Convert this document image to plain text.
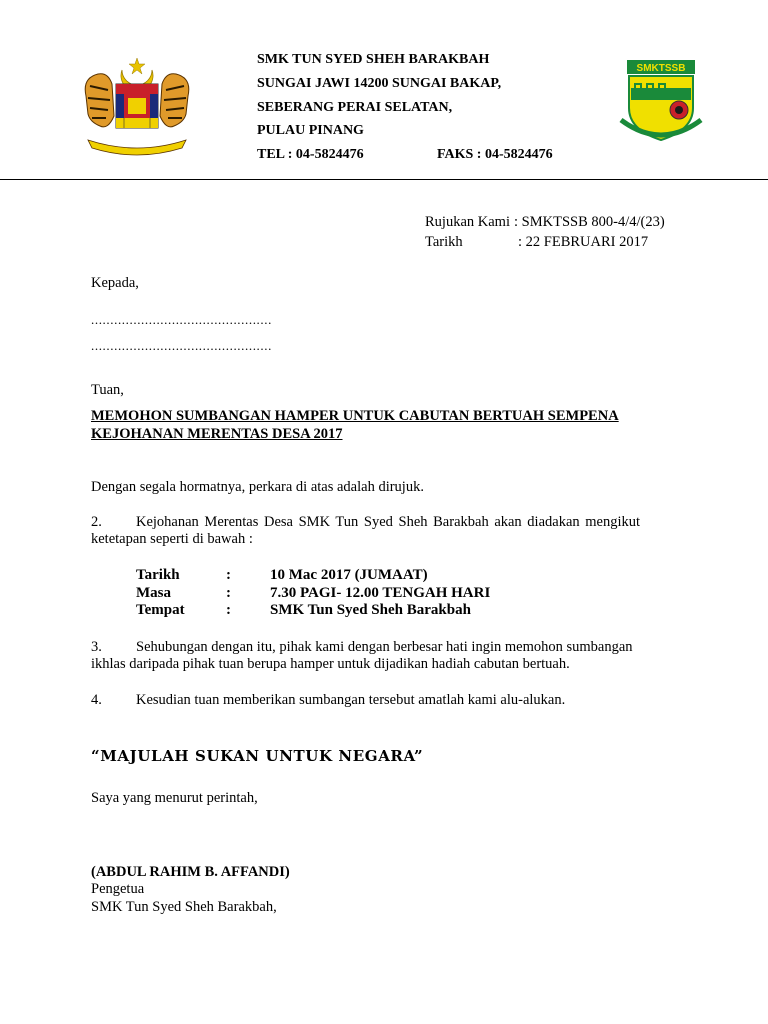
SMK TUN SYED SHEH BARAKBAH
SUNGAI JAWI 14200 SUNGAI BAKAP,
SEBERANG PERAI SELATAN,
PULAU PINANG
TEL : 04-5824476	FAKS : 04-5824476
SMKTSSB
Rujukan Kami : SMKTSSB 800-4/4/(23)
Tarikh	: 22 FEBRUARI 2017
Kepada,
...............................................
...............................................
Tuan,
MEMOHON SUMBANGAN HAMPER UNTUK CABUTAN BERTUAH SEMPENA
KEJOHANAN MERENTAS DESA 2017
Dengan segala hormatnya, perkara di atas adalah dirujuk.
2. Kejohanan Merentas Desa SMK Tun Syed Sheh Barakbah akan diadakan mengikut
ketetapan seperti di bawah :
Tarikh	:	10 Mac 2017 (JUMAAT)
Masa	:	7.30 PAGI- 12.00 TENGAH HARI
Tempat	:	SMK Tun Syed Sheh Barakbah
3. Sehubungan dengan itu, pihak kami dengan berbesar hati ingin memohon sumbangan
ikhlas daripada pihak tuan berupa hamper untuk dijadikan hadiah cabutan bertuah.
4. Kesudian tuan memberikan sumbangan tersebut amatlah kami alu-alukan.
“MAJULAH SUKAN UNTUK NEGARA”
Saya yang menurut perintah,
(ABDUL RAHIM B. AFFANDI)
Pengetua
SMK Tun Syed Sheh Barakbah,
